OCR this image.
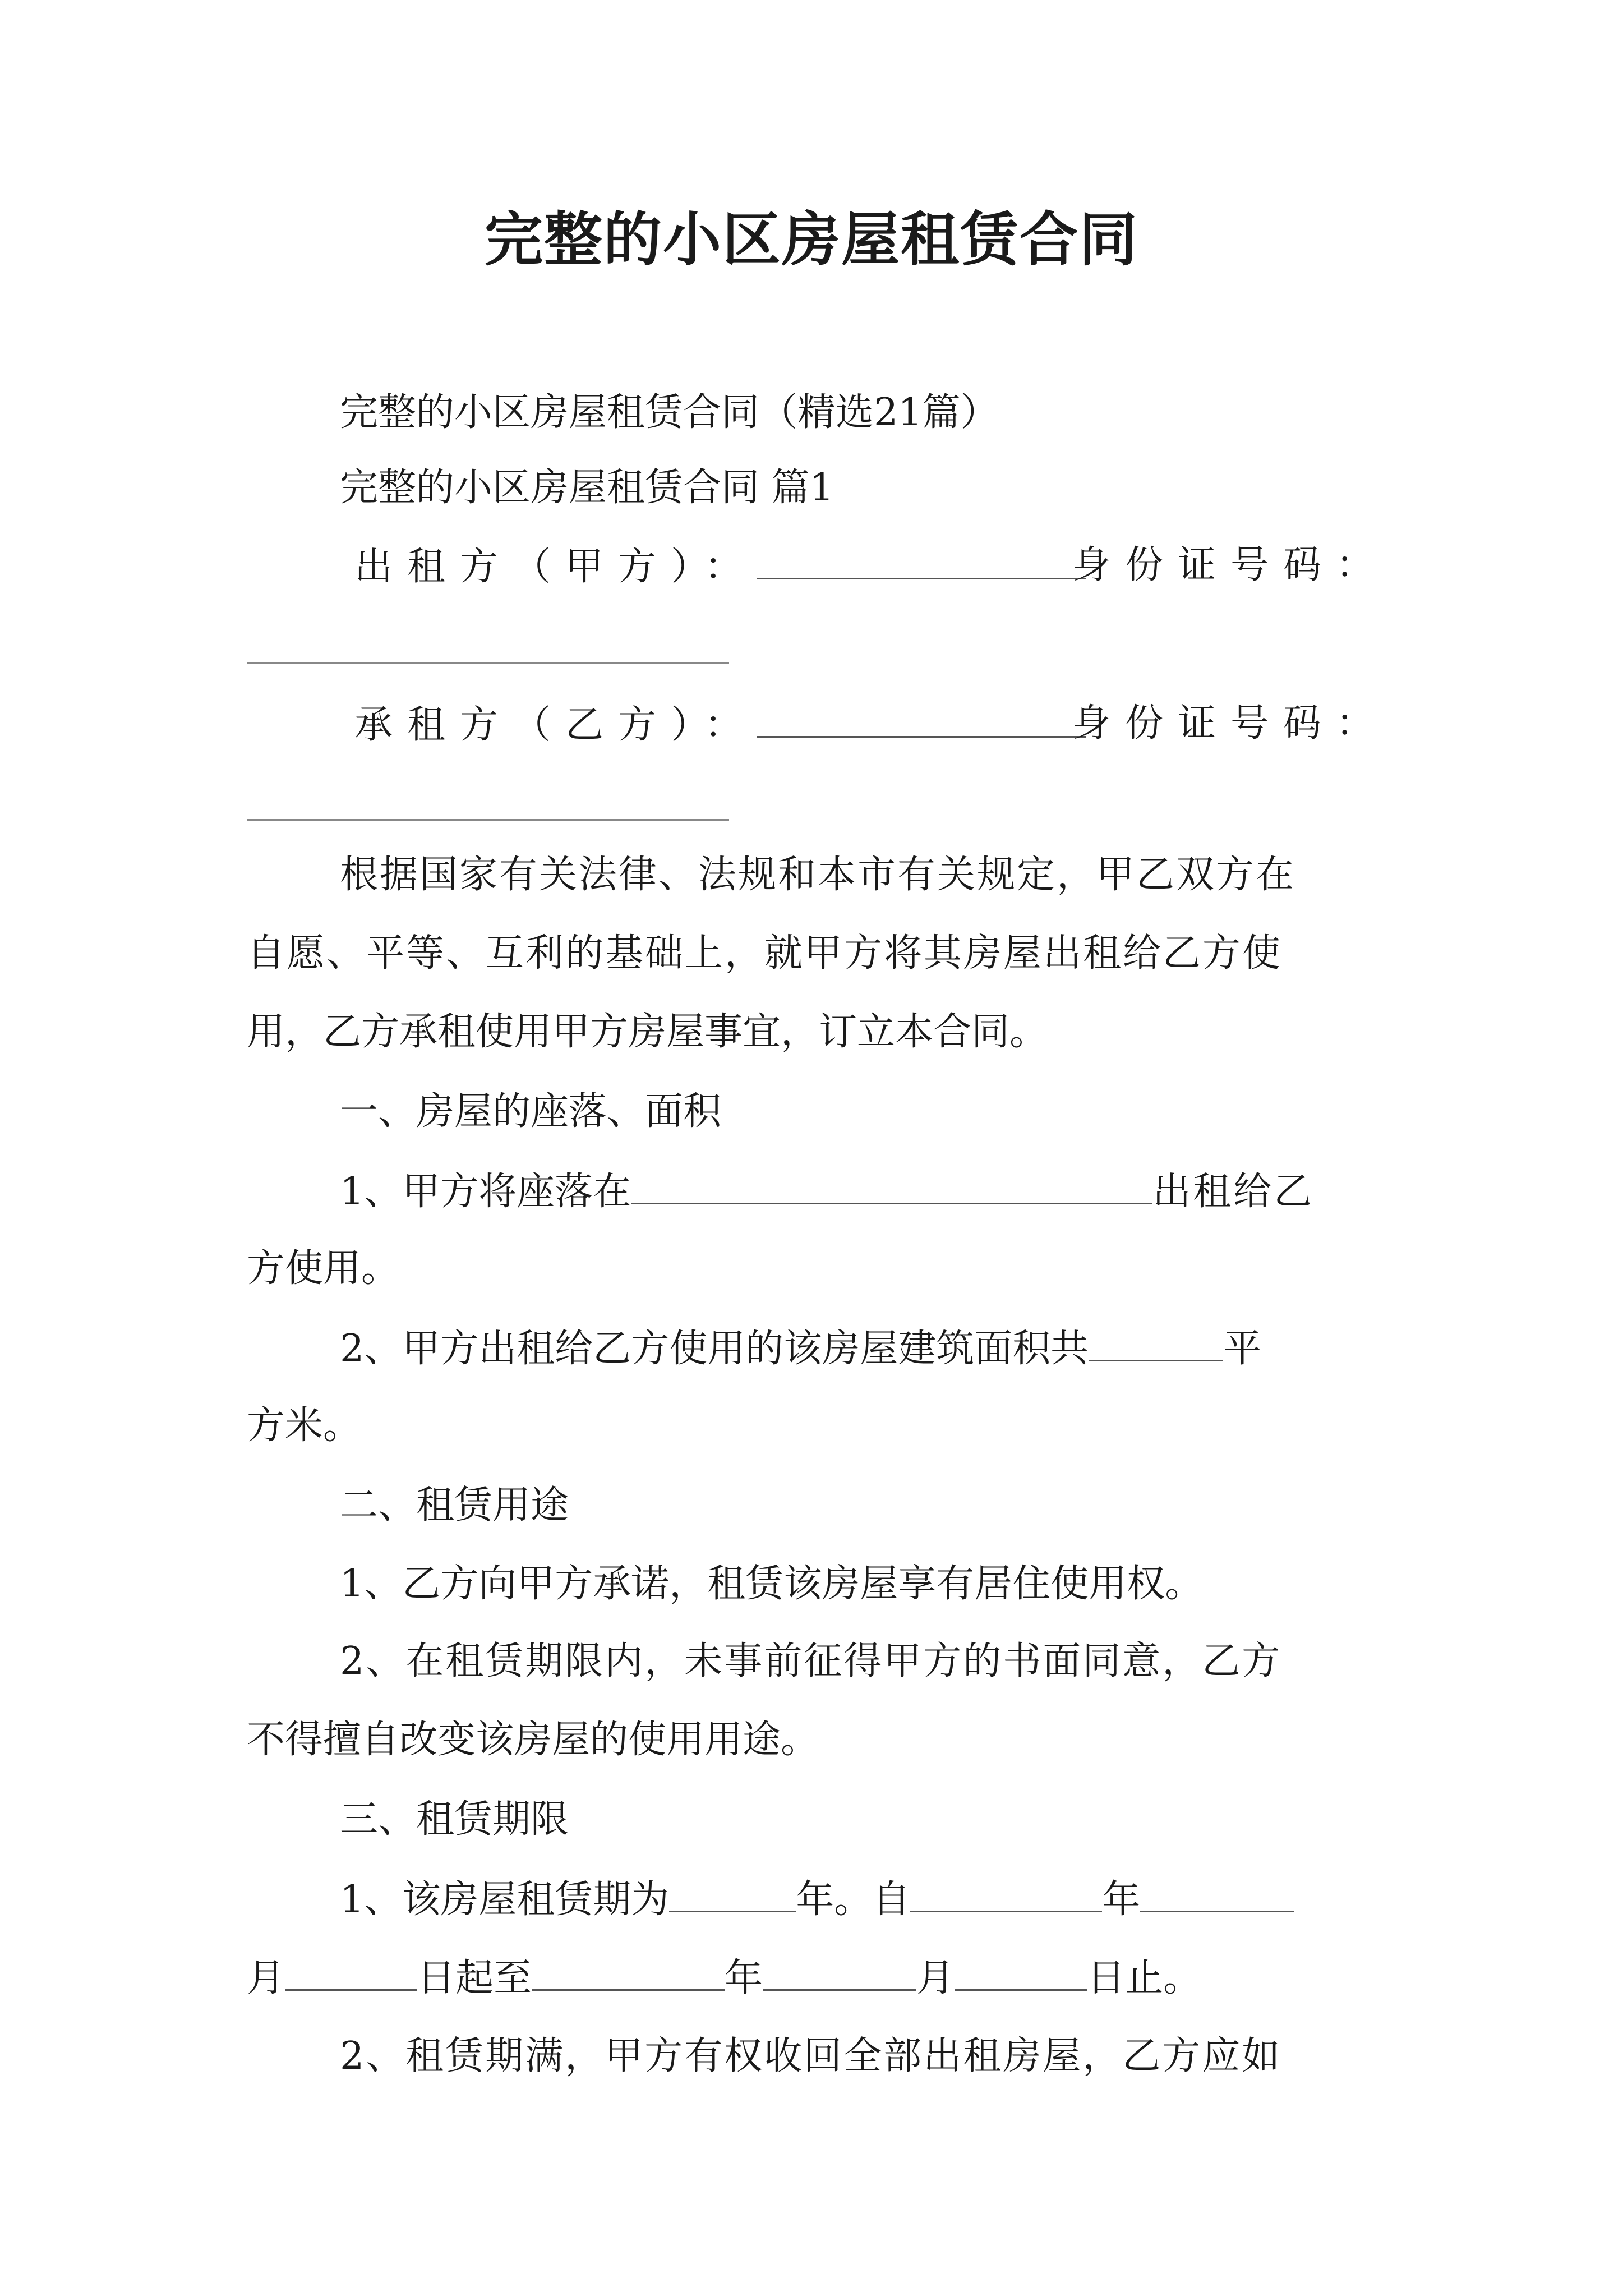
完整的小区房屋租赁合同
完整的小区房屋租赁合同（精选21篇）
完整的小区房屋租赁合同 篇1
出租方（甲方）：	身份证号码：
承租方（乙方）：	身份证号码：
根据国家有关法律、法规和本市有关规定，甲乙双方在
自愿、平等、互利的基础上，就甲方将其房屋出租给乙方使
用，乙方承租使用甲方房屋事宜，订立本合同。
一、房屋的座落、面积
1、甲方将座落在	出租给乙
方使用。
2、甲方出租给乙方使用的该房屋建筑面积共	平
方米。
二、租赁用途
1、乙方向甲方承诺，租赁该房屋享有居住使用权。
2、在租赁期限内，未事前征得甲方的书面同意，乙方
不得擅自改变该房屋的使用用途。
三、租赁期限
1、该房屋租赁期为	年。自	年
月	日起至	年	月	日止。
2、租赁期满，甲方有权收回全部出租房屋，乙方应如
